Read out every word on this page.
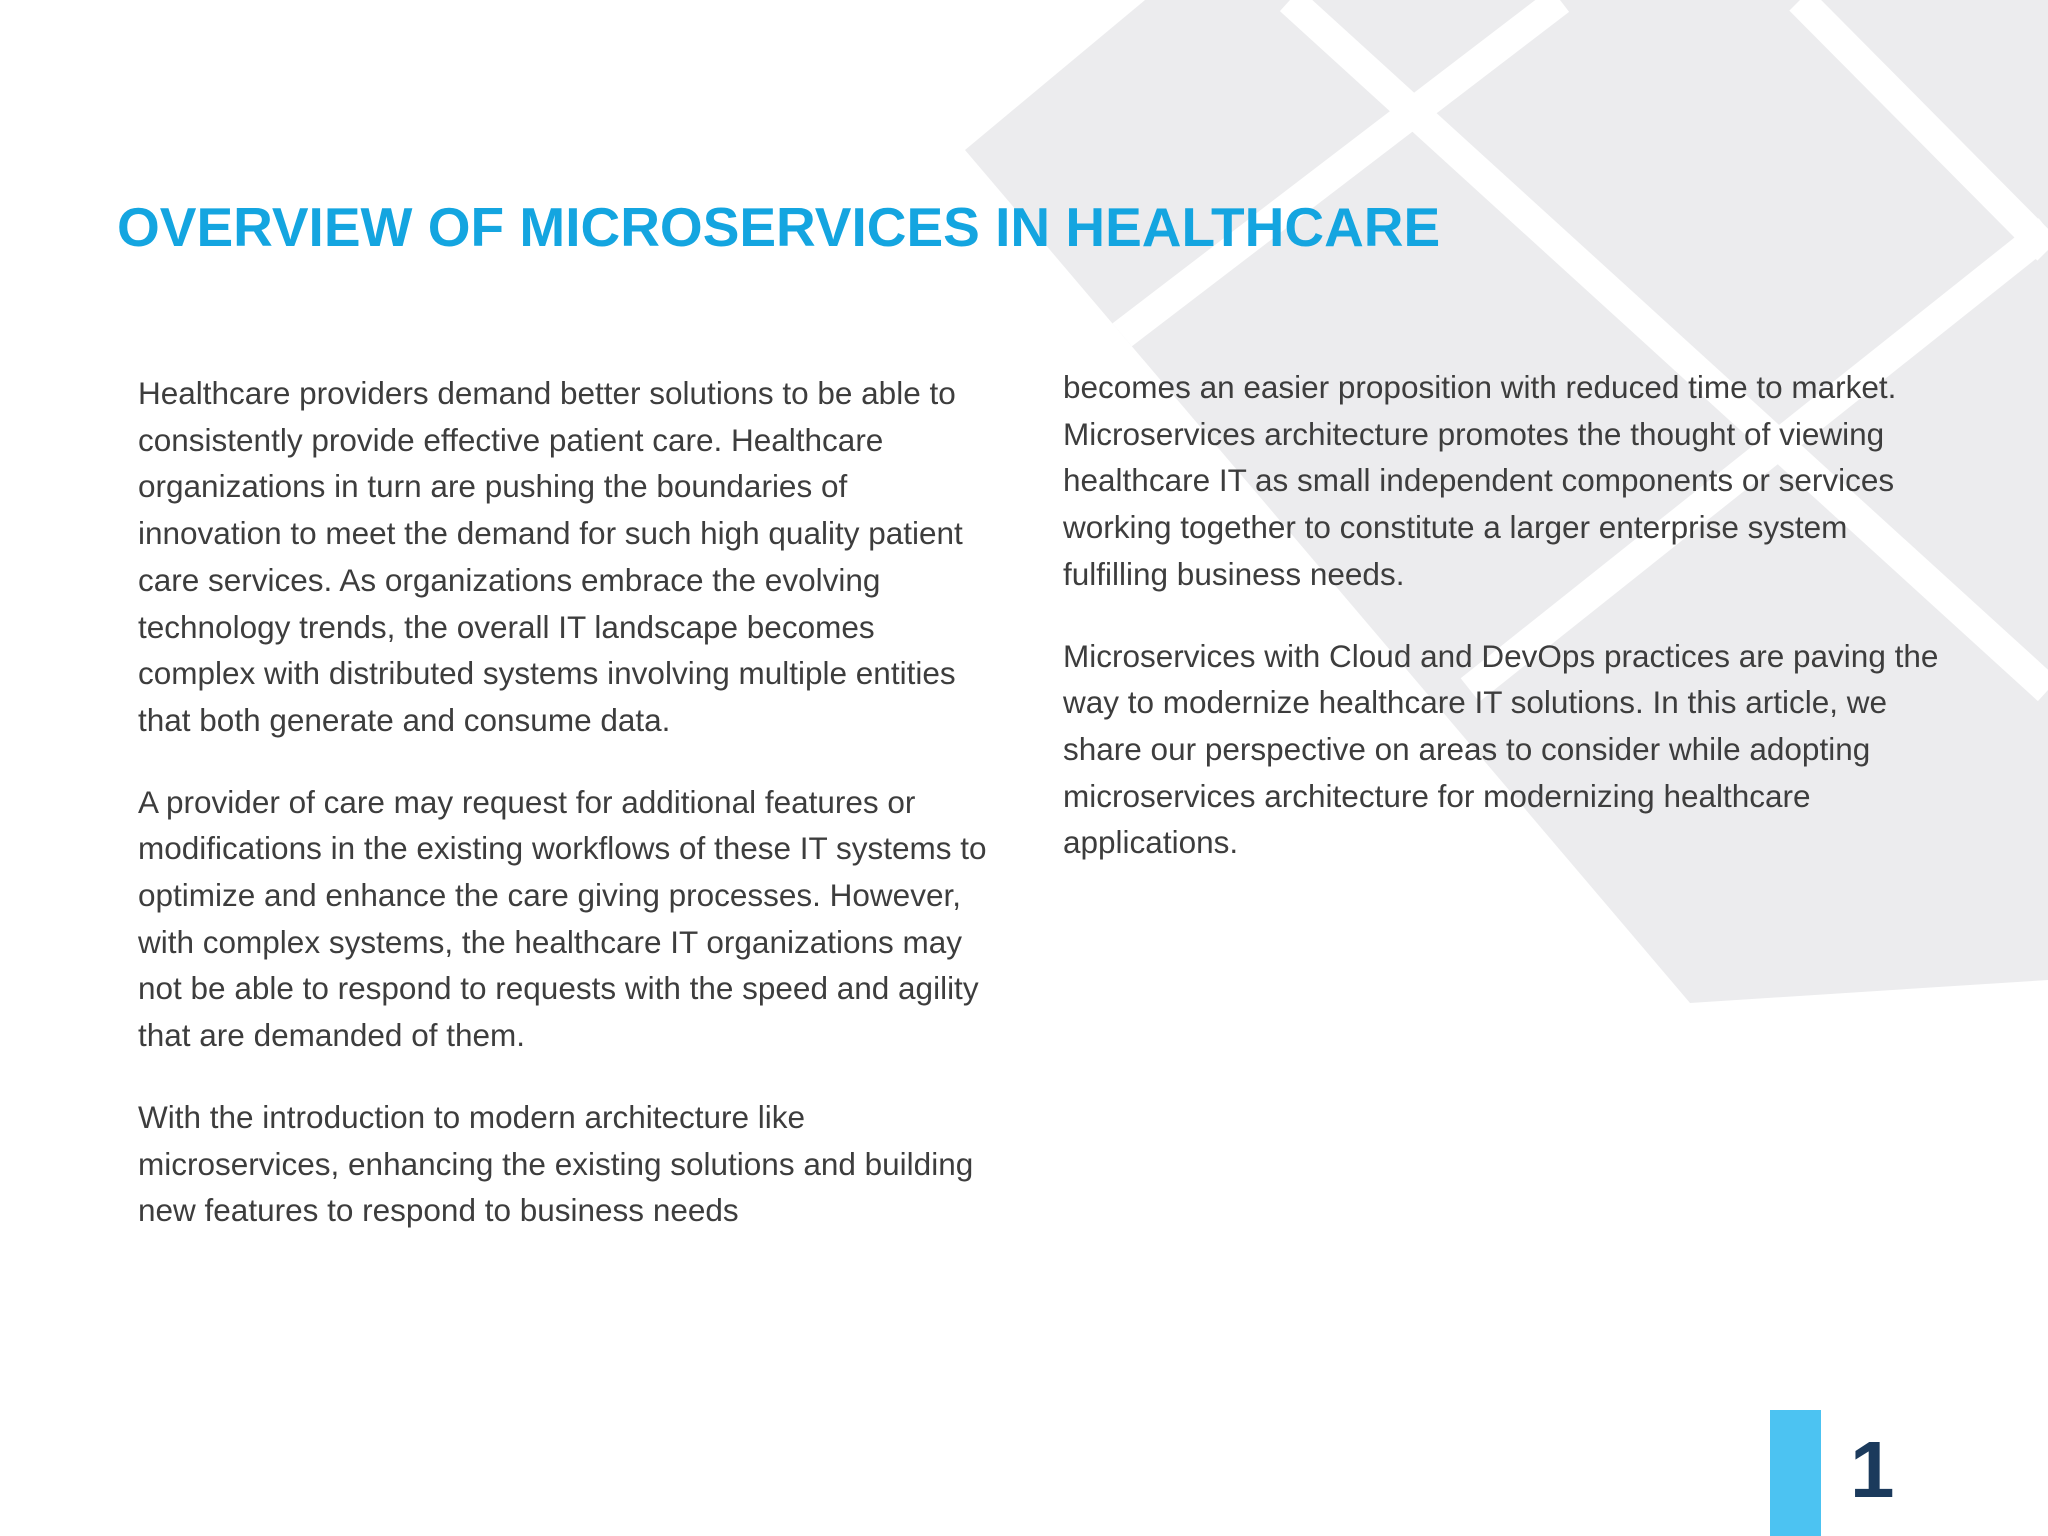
OVERVIEW OF MICROSERVICES IN HEALTHCARE

Healthcare providers demand better solutions to be able to consistently provide effective patient care. Healthcare organizations in turn are pushing the boundaries of innovation to meet the demand for such high quality patient care services. As organizations embrace the evolving technology trends, the overall IT landscape becomes complex with distributed systems involving multiple entities that both generate and consume data.

A provider of care may request for additional features or modifications in the existing workflows of these IT systems to optimize and enhance the care giving processes. However, with complex systems, the healthcare IT organizations may not be able to respond to requests with the speed and agility that are demanded of them.

With the introduction to modern architecture like microservices, enhancing the existing solutions and building new features to respond to business needs

becomes an easier proposition with reduced time to market. Microservices architecture promotes the thought of viewing healthcare IT as small independent components or services working together to constitute a larger enterprise system fulfilling business needs.

Microservices with Cloud and DevOps practices are paving the way to modernize healthcare IT solutions. In this article, we share our perspective on areas to consider while adopting microservices architecture for modernizing healthcare applications.

1
